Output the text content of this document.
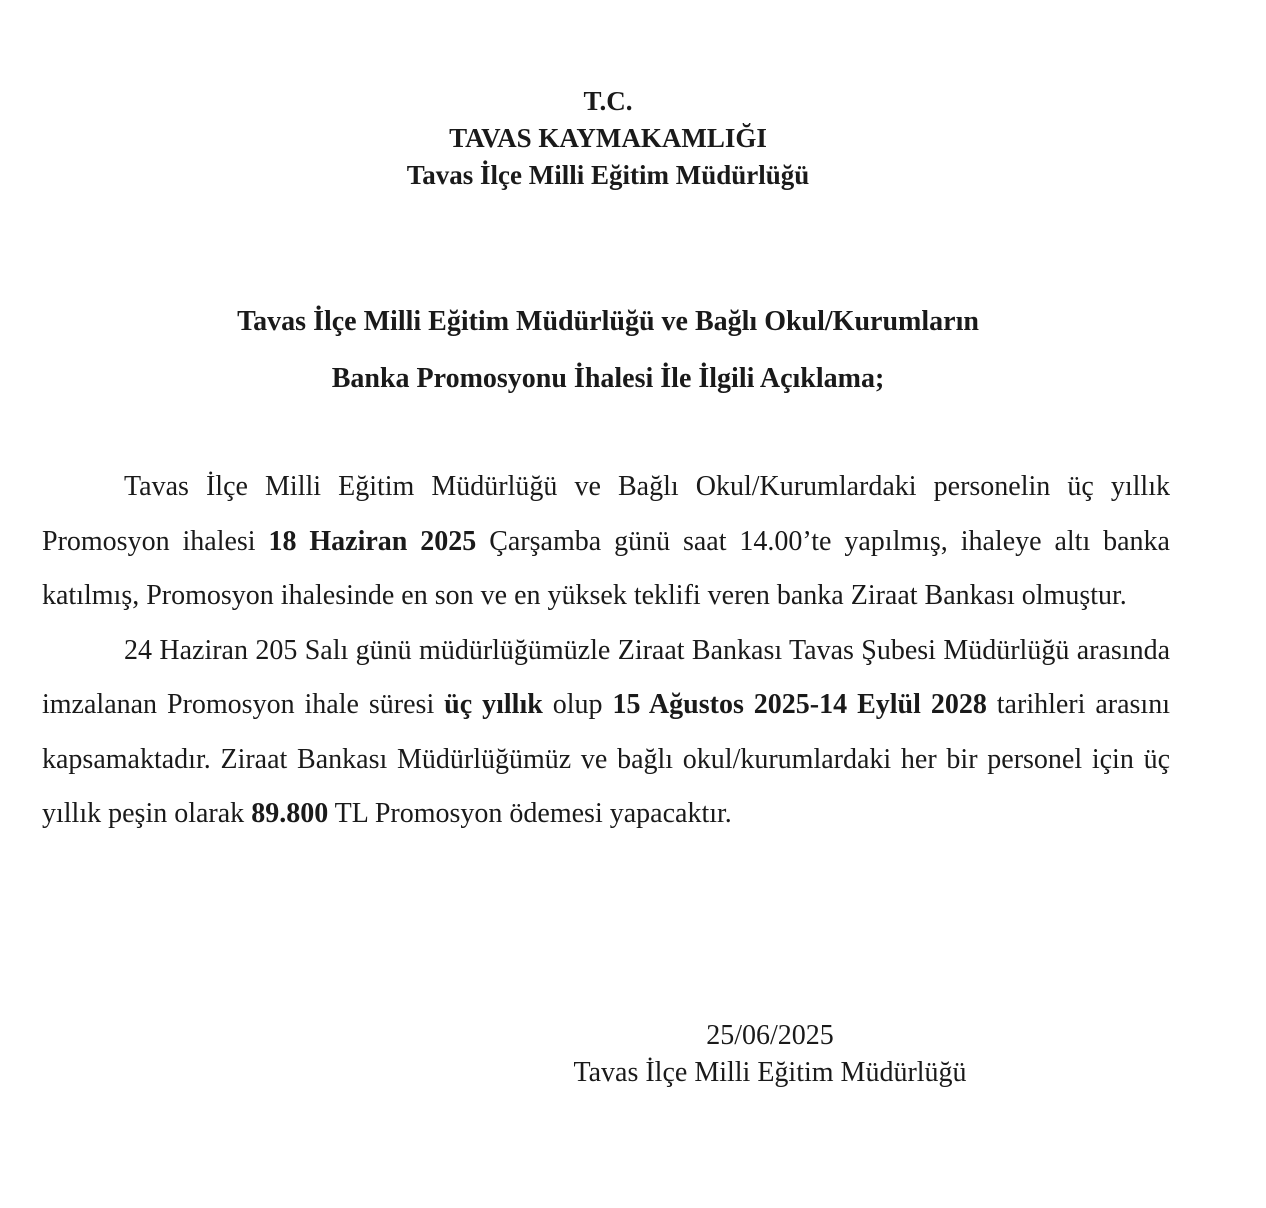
T.C.
TAVAS KAYMAKAMLIĞI
Tavas İlçe Milli Eğitim Müdürlüğü
Tavas İlçe Milli Eğitim Müdürlüğü ve Bağlı Okul/Kurumların
Banka Promosyonu İhalesi İle İlgili Açıklama;

Tavas İlçe Milli Eğitim Müdürlüğü ve Bağlı Okul/Kurumlardaki personelin üç yıllık Promosyon ihalesi 18 Haziran 2025 Çarşamba günü saat 14.00’te yapılmış, ihaleye altı banka katılmış, Promosyon ihalesinde en son ve en yüksek teklifi veren banka Ziraat Bankası olmuştur.

24 Haziran 205 Salı günü müdürlüğümüzle Ziraat Bankası Tavas Şubesi Müdürlüğü arasında imzalanan Promosyon ihale süresi üç yıllık olup 15 Ağustos 2025-14 Eylül 2028 tarihleri arasını kapsamaktadır. Ziraat Bankası Müdürlüğümüz ve bağlı okul/kurumlardaki her bir personel için üç yıllık peşin olarak 89.800 TL Promosyon ödemesi yapacaktır.

25/06/2025
Tavas İlçe Milli Eğitim Müdürlüğü
